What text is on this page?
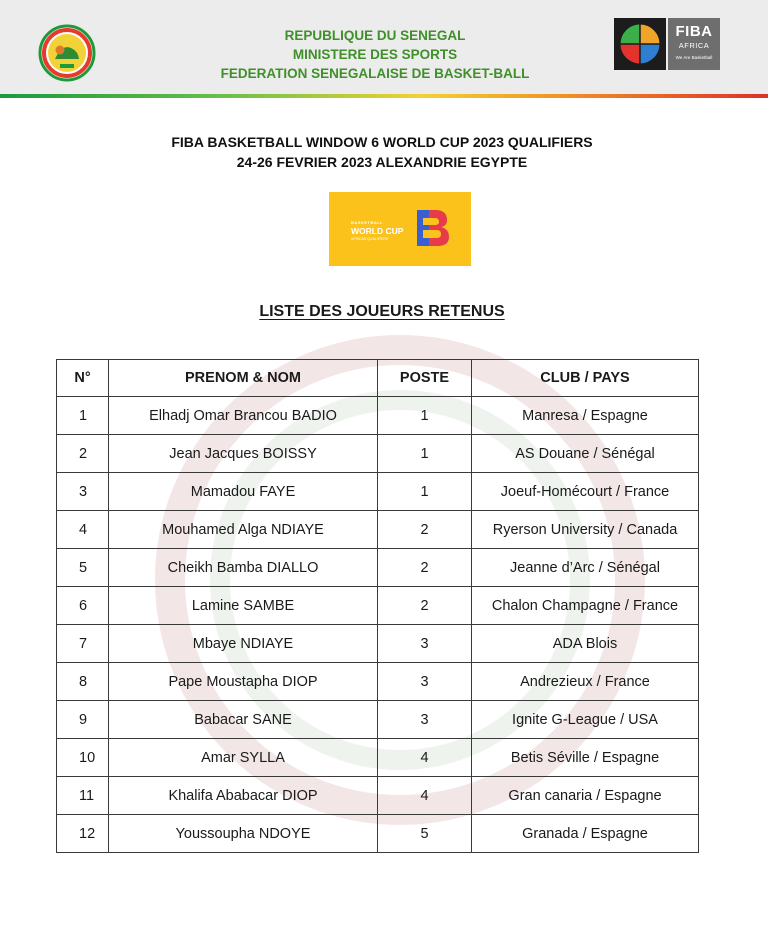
REPUBLIQUE DU SENEGAL
MINISTERE DES SPORTS
FEDERATION SENEGALAISE DE BASKET-BALL
FIBA
AFRICA
We Are Basketball
FIBA BASKETBALL WINDOW 6 WORLD CUP 2023 QUALIFIERS
24-26 FEVRIER 2023 ALEXANDRIE EGYPTE
BASKETBALL
WORLD CUP
AFRICAN QUALIFIERS
LISTE DES JOUEURS RETENUS
N°	PRENOM & NOM	POSTE	CLUB / PAYS
1	Elhadj Omar Brancou BADIO	1	Manresa / Espagne
2	Jean Jacques BOISSY	1	AS Douane / Sénégal
3	Mamadou FAYE	1	Joeuf-Homécourt / France
4	Mouhamed Alga NDIAYE	2	Ryerson University / Canada
5	Cheikh Bamba DIALLO	2	Jeanne d’Arc / Sénégal
6	Lamine SAMBE	2	Chalon Champagne / France
7	Mbaye NDIAYE	3	ADA Blois
8	Pape Moustapha DIOP	3	Andrezieux / France
9	Babacar SANE	3	Ignite G-League / USA
10	Amar SYLLA	4	Betis Séville / Espagne
11	Khalifa Ababacar DIOP	4	Gran canaria / Espagne
12	Youssoupha NDOYE	5	Granada / Espagne
